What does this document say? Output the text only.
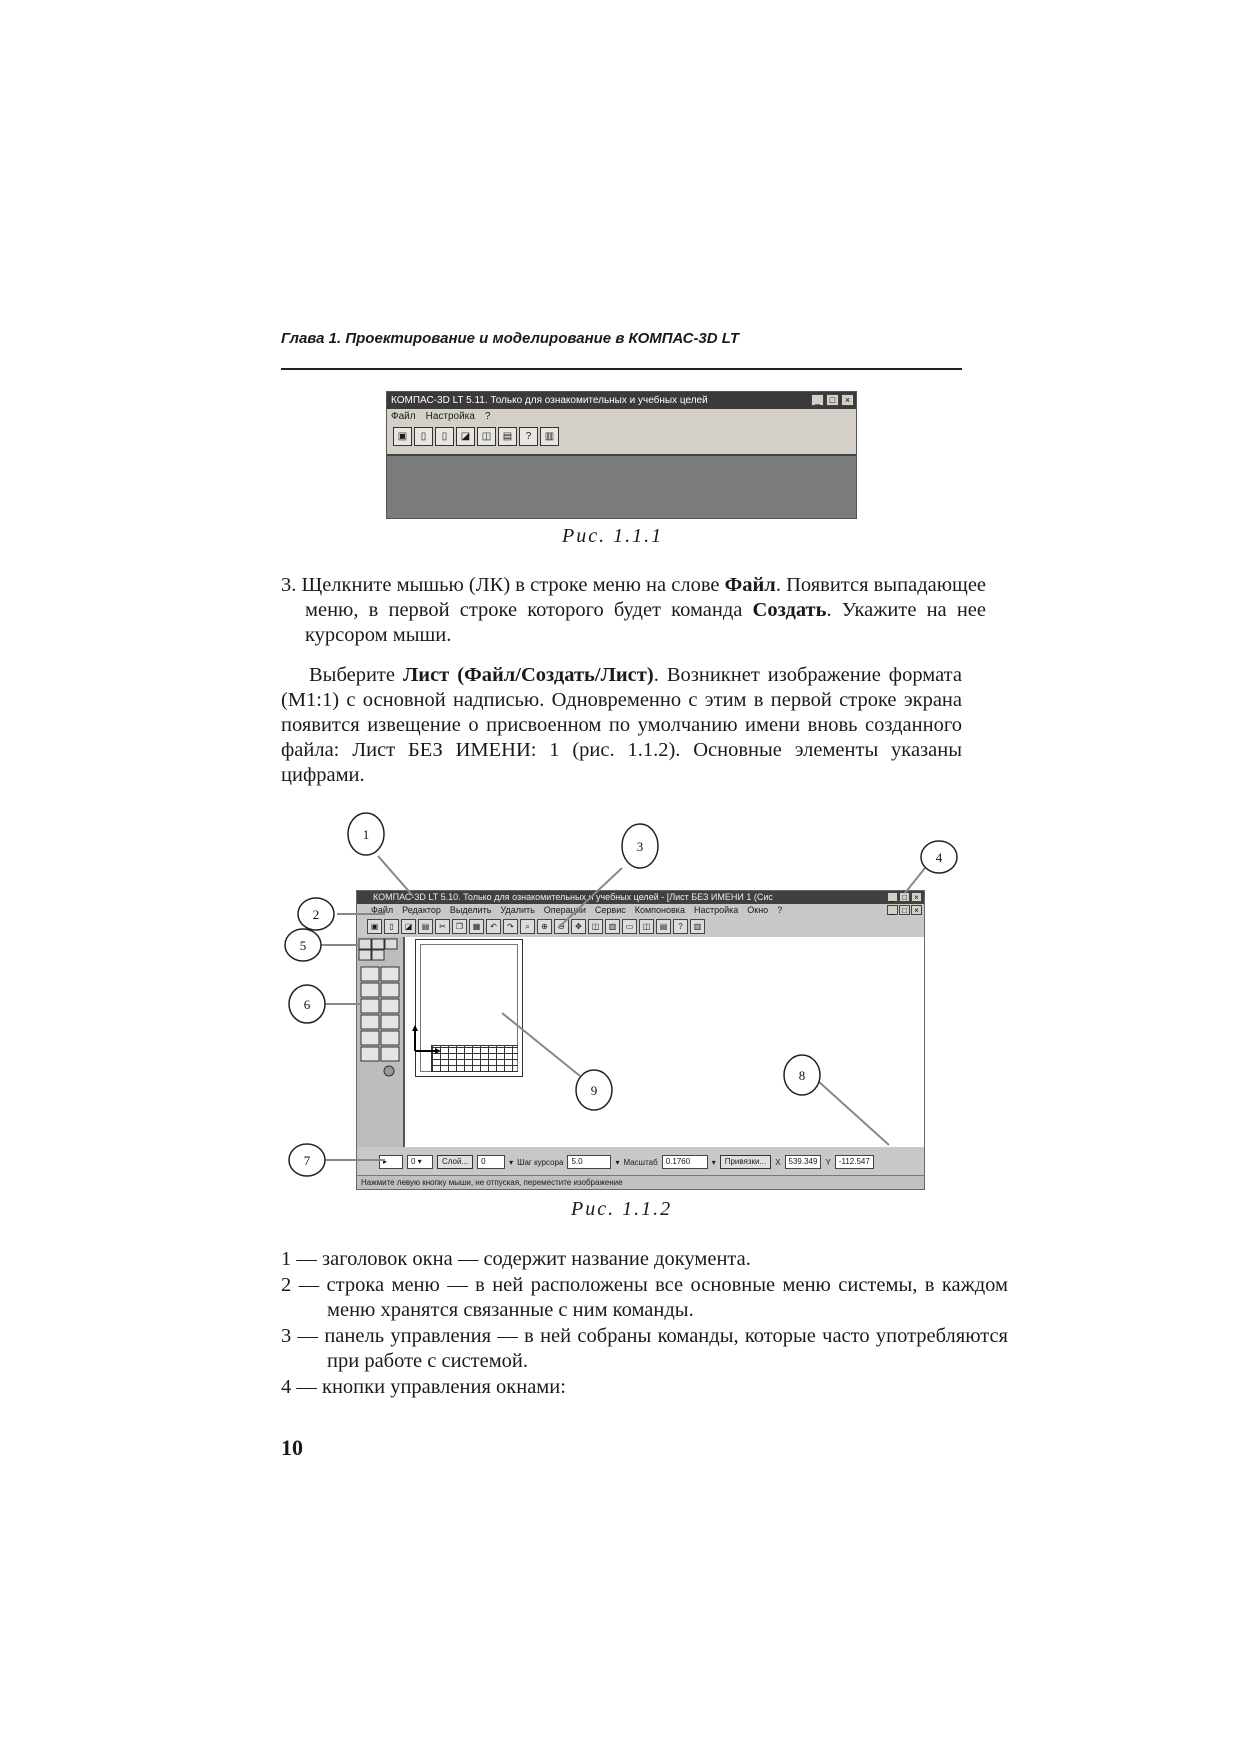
Глава 1. Проектирование и моделирование в КОМПАС-3D LT
КОМПАС-3D LT 5.11. Только для ознакомительных и учебных целей	_	□	×
Файл Настройка ?
▣	▯	▯	◪	◫	▤	?	▥
Рис. 1.1.1

3. Щелкните мышью (ЛК) в строке меню на слове Файл. Появится выпадающее меню, в первой строке которого будет команда Создать. Укажите на нее курсором мыши.

Выберите Лист (Файл/Создать/Лист). Возникнет изображение формата (М1:1) с основной надписью. Одновременно с этим в первой строке экрана появится извещение о присвоенном по умолчанию имени вновь созданного файла: Лист БЕЗ ИМЕНИ: 1 (рис. 1.1.2). Основные элементы указаны цифрами.

КОМПАС-3D LT 5.10. Только для ознакомительных и учебных целей - [Лист БЕЗ ИМЕНИ 1 (Сис	_ □ ×
Файл Редактор Выделить Удалить Операции Сервис Компоновка Настройка Окно ?	_ □ ×
▣	▯	◪	▤	✂	❐	▦	↶	↷	⌕	⊕	⊖	✥	◫	▥	▭	◫	▤	?	▥
▸	0 ▾	Слой...	0	▾ Шаг курсора	5.0	▾ Масштаб	0.1760	▾	Привязки...	X	539.349	Y	-112.547
Нажмите левую кнопку мыши, не отпуская, переместите изображение
1
2
3
4
5
6
7
8
9
Рис. 1.1.2

1 — заголовок окна — содержит название документа.

2 — строка меню — в ней расположены все основные меню системы, в каждом меню хранятся связанные с ним команды.

3 — панель управления — в ней собраны команды, которые часто употребляются при работе с системой.

4 — кнопки управления окнами:

10
